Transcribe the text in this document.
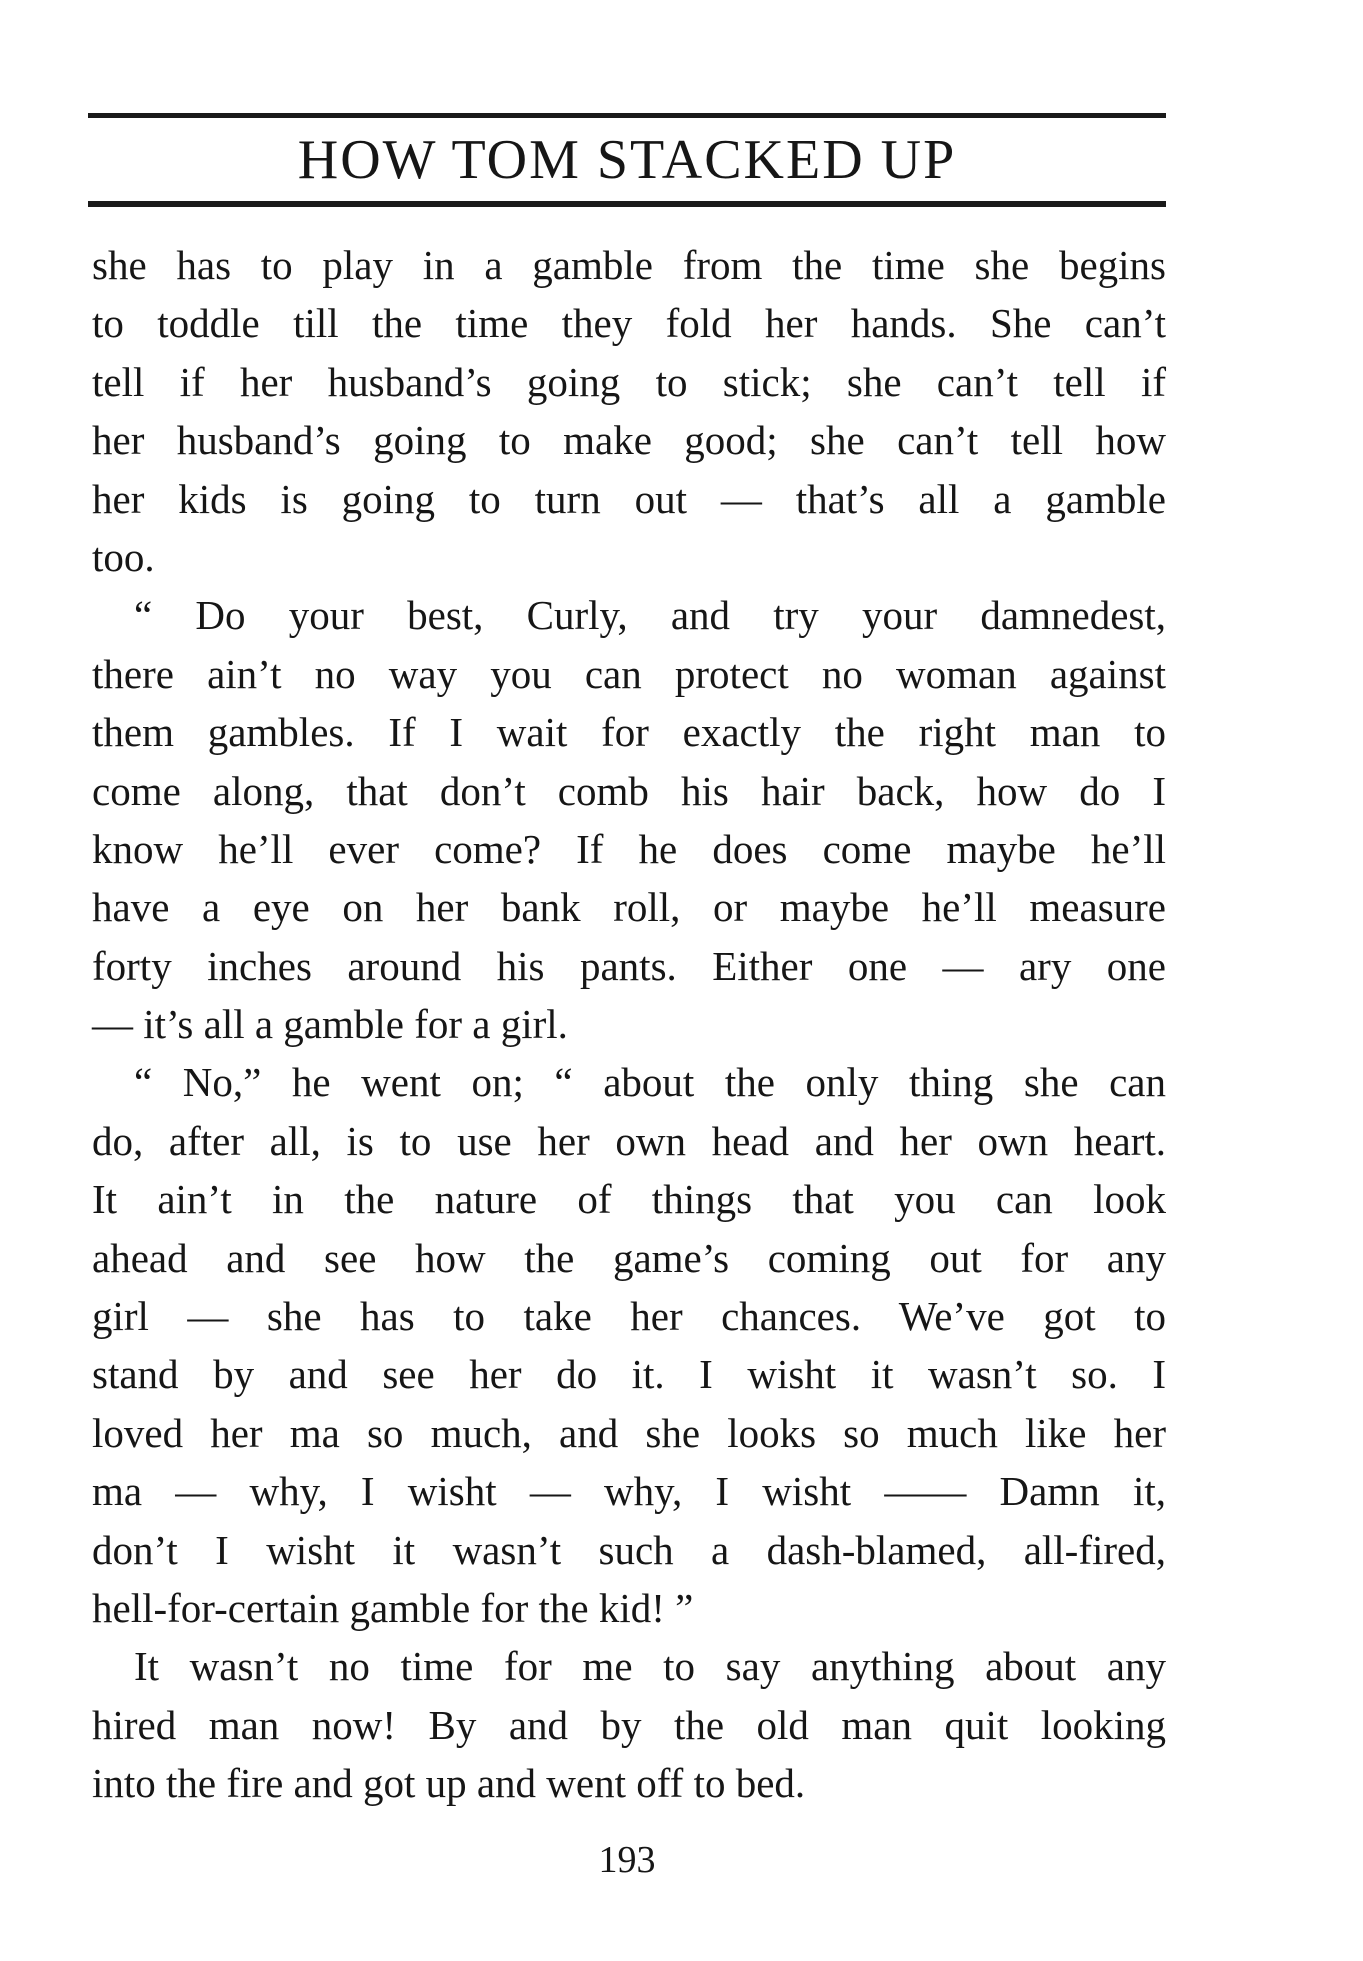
HOW TOM STACKED UP
she has to play in a gamble from the time she begins
to toddle till the time they fold her hands. She can’t
tell if her husband’s going to stick; she can’t tell if
her husband’s going to make good; she can’t tell how
her kids is going to turn out — that’s all a gamble
too.
“ Do your best, Curly, and try your damnedest,
there ain’t no way you can protect no woman against
them gambles. If I wait for exactly the right man to
come along, that don’t comb his hair back, how do I
know he’ll ever come? If he does come maybe he’ll
have a eye on her bank roll, or maybe he’ll measure
forty inches around his pants. Either one — ary one
— it’s all a gamble for a girl.
“ No,” he went on; “ about the only thing she can
do, after all, is to use her own head and her own heart.
It ain’t in the nature of things that you can look
ahead and see how the game’s coming out for any
girl — she has to take her chances. We’ve got to
stand by and see her do it. I wisht it wasn’t so. I
loved her ma so much, and she looks so much like her
ma — why, I wisht — why, I wisht —— Damn it,
don’t I wisht it wasn’t such a dash-blamed, all-fired,
hell-for-certain gamble for the kid! ”
It wasn’t no time for me to say anything about any
hired man now! By and by the old man quit looking
into the fire and got up and went off to bed.
193
